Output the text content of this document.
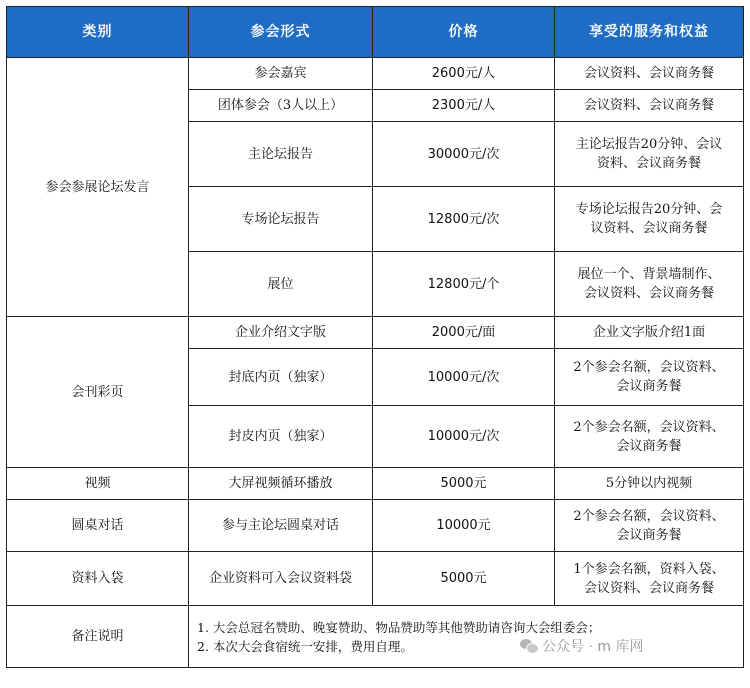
类别	参会形式	价格	享受的服务和权益
参会参展论坛发言	参会嘉宾	2600元/人	会议资料、会议商务餐
	团体参会（3人以上）	2300元/人	会议资料、会议商务餐
	主论坛报告	30000元/次	主论坛报告20分钟、会议
资料、会议商务餐
	专场论坛报告	12800元/次	专场论坛报告20分钟、会
议资料、会议商务餐
	展位	12800元/个	展位一个、背景墙制作、
会议资料、会议商务餐
会刊彩页	企业介绍文字版	2000元/面	企业文字版介绍1面
	封底内页（独家）	10000元/次	2个参会名额，会议资料、
会议商务餐
	封皮内页（独家）	10000元/次	2个参会名额，会议资料、
会议商务餐
视频	大屏视频循环播放	5000元	5分钟以内视频
圆桌对话	参与主论坛圆桌对话	10000元	2个参会名额，会议资料、
会议商务餐
资料入袋	企业资料可入会议资料袋	5000元	1个参会名额，资料入袋、
会议资料、会议商务餐
备注说明	1. 大会总冠名赞助、晚宴赞助、物品赞助等其他赞助请咨询大会组委会；
2. 本次大会食宿统一安排，费用自理。			公众号 · m 库网
